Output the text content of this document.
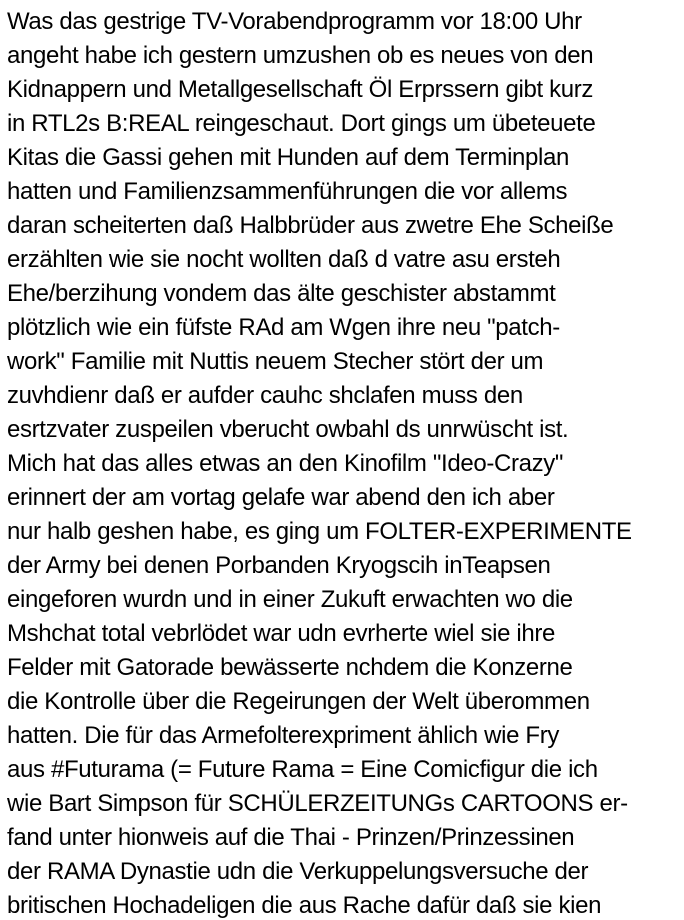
Was das gestrige TV-Vorabendprogramm vor 18:00 Uhr
angeht habe ich gestern umzushen ob es neues von den
Kidnappern und Metallgesellschaft Öl Erprssern gibt kurz
in RTL2s B:REAL reingeschaut. Dort gings um übeteuete
Kitas die Gassi gehen mit Hunden auf dem Terminplan
hatten und Familienzsammenführungen die vor allems
daran scheiterten daß Halbbrüder aus zwetre Ehe Scheiße
erzählten wie sie nocht wollten daß d vatre asu ersteh
Ehe/berzihung vondem das älte geschister abstammt
plötzlich wie ein füfste RAd am Wgen ihre neu "patch-
work" Familie mit Nuttis neuem Stecher stört der um
zuvhdienr daß er aufder cauhc shclafen muss den
esrtzvater zuspeilen vberucht owbahl ds unrwüscht ist.
Mich hat das alles etwas an den Kinofilm "Ideo-Crazy"
erinnert der am vortag gelafe war abend den ich aber
nur halb geshen habe, es ging um FOLTER-EXPERIMENTE
der Army bei denen Porbanden Kryogscih inTeapsen
eingeforen wurdn und in einer Zukuft erwachten wo die
Mshchat total vebrlödet war udn evrherte wiel sie ihre
Felder mit Gatorade bewässerte nchdem die Konzerne
die Kontrolle über die Regeirungen der Welt überommen
hatten. Die für das Armefolterexpriment ählich wie Fry
aus #Futurama (= Future Rama = Eine Comicfigur die ich
wie Bart Simpson für SCHÜLERZEITUNGs CARTOONS er-
fand unter hionweis auf die Thai - Prinzen/Prinzessinen
der RAMA Dynastie udn die Verkuppelungsversuche der
britischen Hochadeligen die aus Rache dafür daß sie kien
